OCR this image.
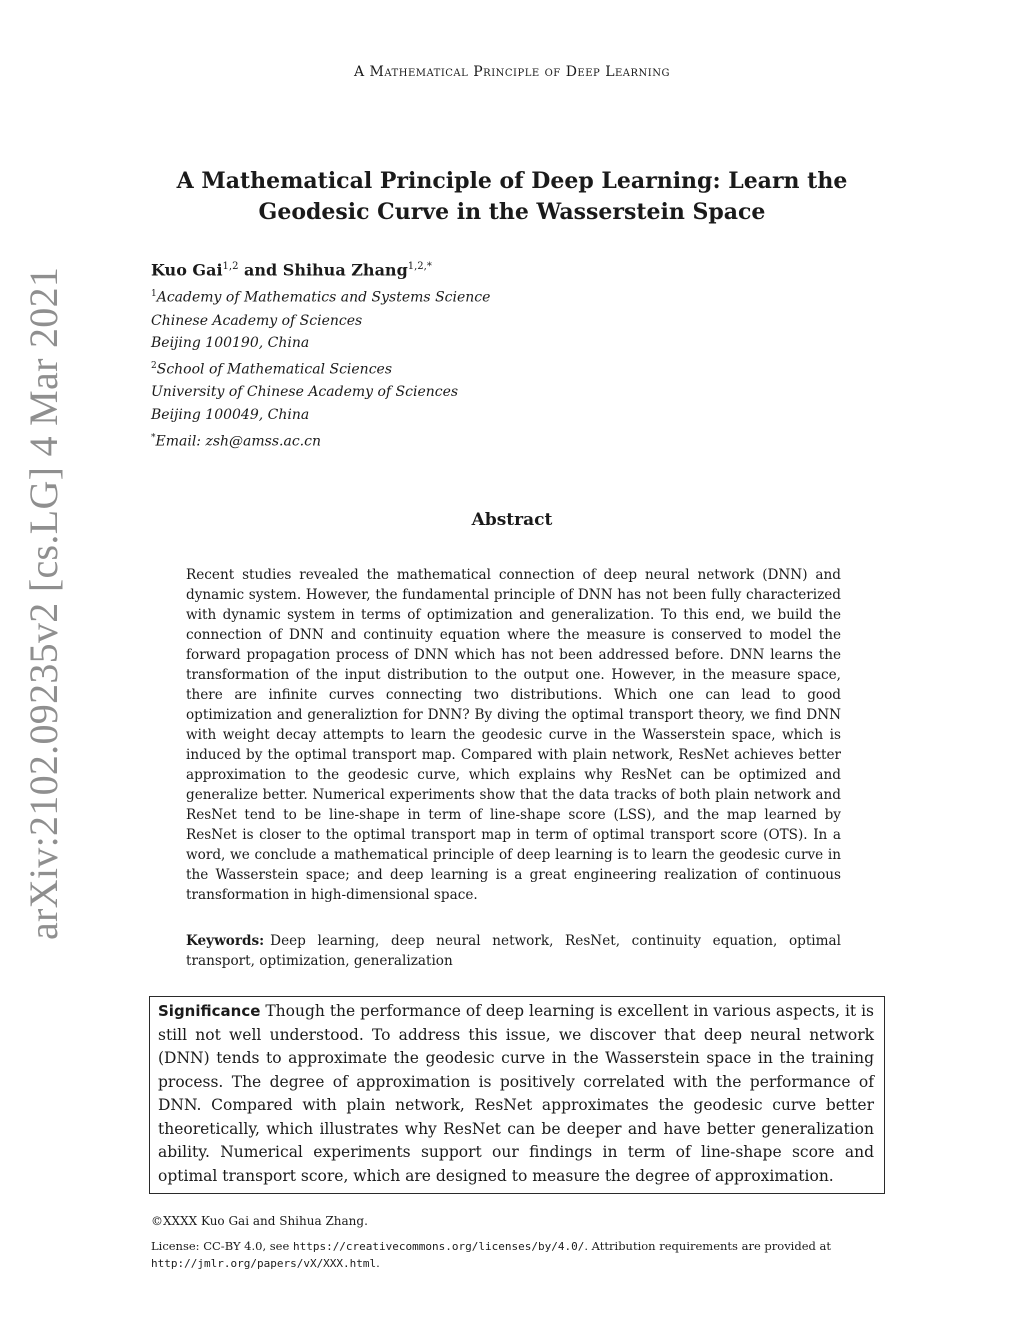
A Mathematical Principle of Deep Learning
arXiv:2102.09235v2 [cs.LG] 4 Mar 2021
A Mathematical Principle of Deep Learning: Learn the
Geodesic Curve in the Wasserstein Space
Kuo Gai$^{1,2}$ and Shihua Zhang$^{1,2,*}$
$^1$Academy of Mathematics and Systems Science
Chinese Academy of Sciences
Beijing 100190, China
$^2$School of Mathematical Sciences
University of Chinese Academy of Sciences
Beijing 100049, China
*Email: zsh@amss.ac.cn
Abstract
Recent studies revealed the mathematical connection of deep neural network (DNN) and dynamic system. However, the fundamental principle of DNN has not been fully characterized with dynamic system in terms of optimization and generalization. To this end, we build the connection of DNN and continuity equation where the measure is conserved to model the forward propagation process of DNN which has not been addressed before. DNN learns the transformation of the input distribution to the output one. However, in the measure space, there are infinite curves connecting two distributions. Which one can lead to good optimization and generaliztion for DNN? By diving the optimal transport theory, we find DNN with weight decay attempts to learn the geodesic curve in the Wasserstein space, which is induced by the optimal transport map. Compared with plain network, ResNet achieves better approximation to the geodesic curve, which explains why ResNet can be optimized and generalize better. Numerical experiments show that the data tracks of both plain network and ResNet tend to be line-shape in term of line-shape score (LSS), and the map learned by ResNet is closer to the optimal transport map in term of optimal transport score (OTS). In a word, we conclude a mathematical principle of deep learning is to learn the geodesic curve in the Wasserstein space; and deep learning is a great engineering realization of continuous transformation in high-dimensional space.
Keywords: Deep learning, deep neural network, ResNet, continuity equation, optimal transport, optimization, generalization
Significance Though the performance of deep learning is excellent in various aspects, it is still not well understood. To address this issue, we discover that deep neural network (DNN) tends to approximate the geodesic curve in the Wasserstein space in the training process. The degree of approximation is positively correlated with the performance of DNN. Compared with plain network, ResNet approximates the geodesic curve better theoretically, which illustrates why ResNet can be deeper and have better generalization ability. Numerical experiments support our findings in term of line-shape score and optimal transport score, which are designed to measure the degree of approximation.
©XXXX Kuo Gai and Shihua Zhang.
License: CC-BY 4.0, see https://creativecommons.org/licenses/by/4.0/. Attribution requirements are provided at http://jmlr.org/papers/vX/XXX.html.
